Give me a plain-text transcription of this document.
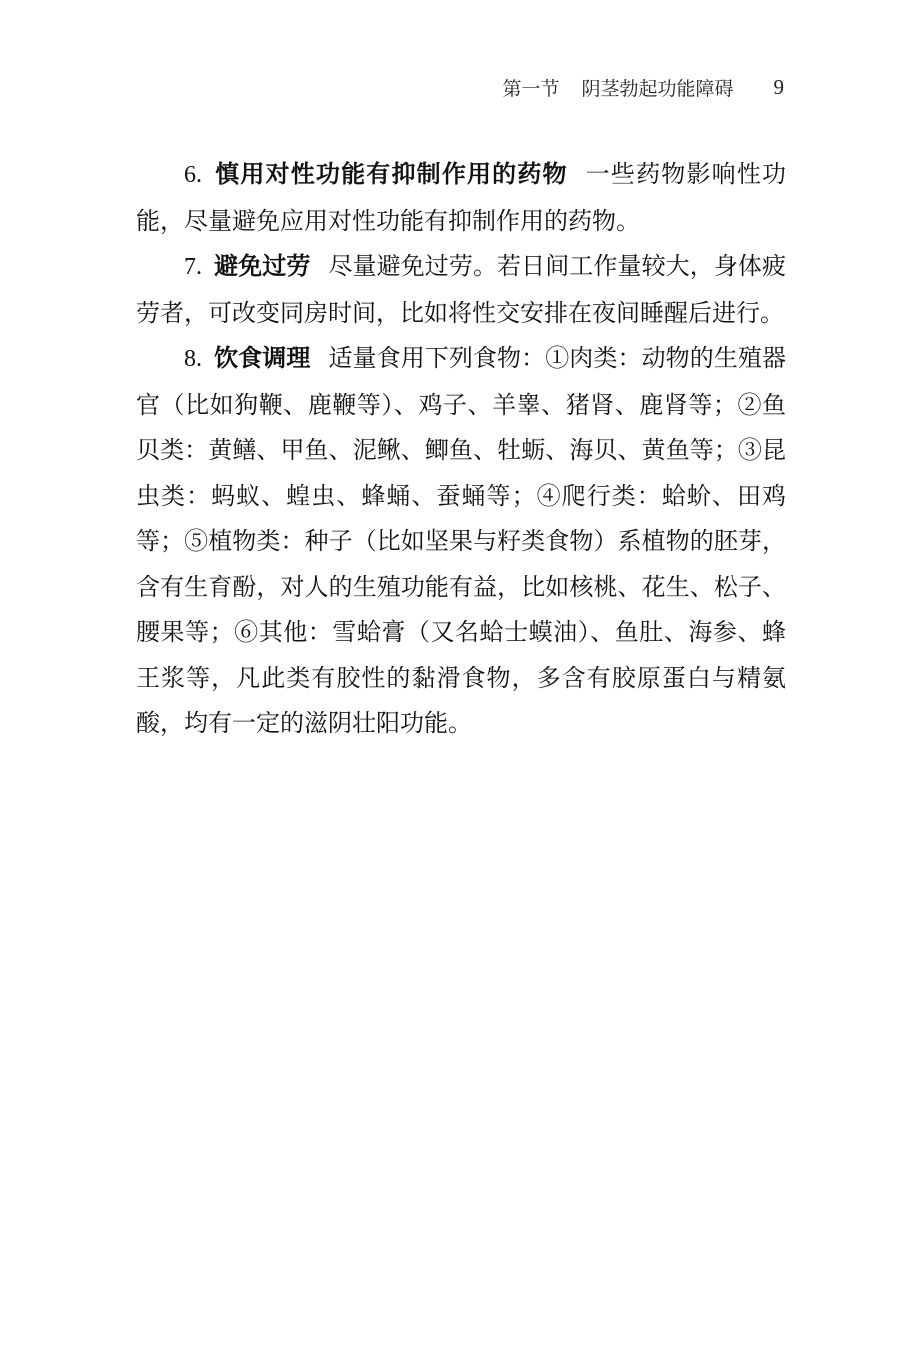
第一节 阴茎勃起功能障碍 9

6. 慎用对性功能有抑制作用的药物 一些药物影响性功能，尽量避免应用对性功能有抑制作用的药物。

7. 避免过劳 尽量避免过劳。若日间工作量较大，身体疲劳者，可改变同房时间，比如将性交安排在夜间睡醒后进行。

8. 饮食调理 适量食用下列食物：①肉类：动物的生殖器官（比如狗鞭、鹿鞭等）、鸡子、羊睾、猪肾、鹿肾等；②鱼贝类：黄鳝、甲鱼、泥鳅、鲫鱼、牡蛎、海贝、黄鱼等；③昆虫类：蚂蚁、蝗虫、蜂蛹、蚕蛹等；④爬行类：蛤蚧、田鸡等；⑤植物类：种子（比如坚果与籽类食物）系植物的胚芽，含有生育酚，对人的生殖功能有益，比如核桃、花生、松子、腰果等；⑥其他：雪蛤膏（又名蛤士蟆油）、鱼肚、海参、蜂王浆等，凡此类有胶性的黏滑食物，多含有胶原蛋白与精氨酸，均有一定的滋阴壮阳功能。
